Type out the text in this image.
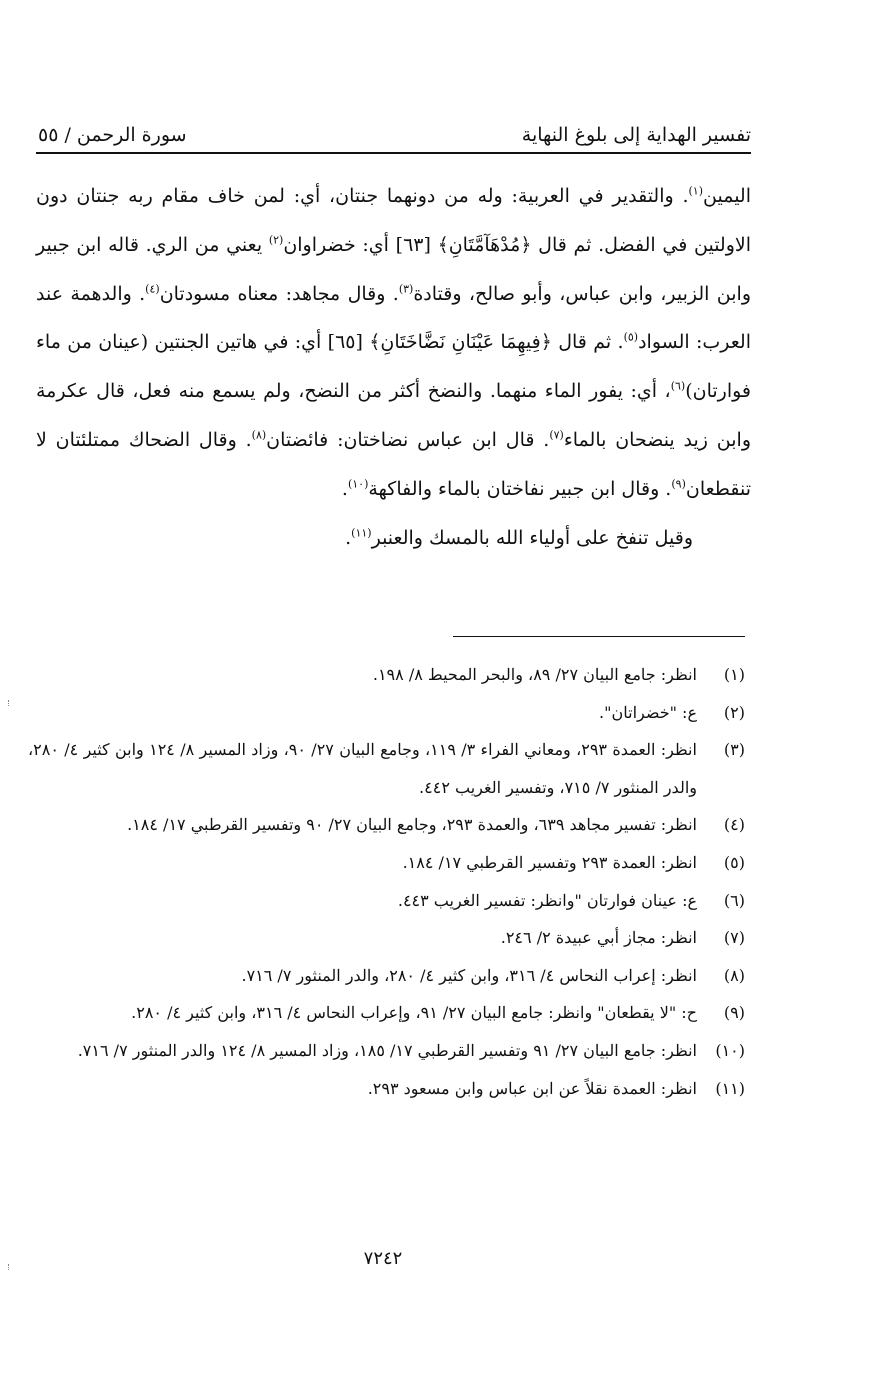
تفسير الهداية إلى بلوغ النهاية
سورة الرحمن / ٥٥

اليمين$^{(١)}$. والتقدير في العربية: وله من دونهما جنتان، أي: لمن خاف مقام ربه جنتان دون الاولتين في الفضل. ثم قال ﴿مُدْهَآمَّتَانِ﴾ [٦٣] أي: خضراوان$^{(٢)}$ يعني من الري. قاله ابن جبير وابن الزبير، وابن عباس، وأبو صالح، وقتادة$^{(٣)}$. وقال مجاهد: معناه مسودتان$^{(٤)}$. والدهمة عند العرب: السواد$^{(٥)}$. ثم قال ﴿فِيهِمَا عَيْنَانِ نَضَّاخَتَانِ﴾ [٦٥] أي: في هاتين الجنتين (عينان من ماء فوارتان)$^{(٦)}$، أي: يفور الماء منهما. والنضخ أكثر من النضح، ولم يسمع منه فعل، قال عكرمة وابن زيد ينضحان بالماء$^{(٧)}$. قال ابن عباس نضاختان: فائضتان$^{(٨)}$. وقال الضحاك ممتلئتان لا تنقطعان$^{(٩)}$. وقال ابن جبير نفاختان بالماء والفاكهة$^{(١٠)}$.

وقيل تنفخ على أولياء الله بالمسك والعنبر$^{(١١)}$.

(١)
انظر: جامع البيان ٢٧/ ٨٩، والبحر المحيط ٨/ ١٩٨.
(٢)
ع: "خضراتان".
(٣)
انظر: العمدة ٢٩٣، ومعاني الفراء ٣/ ١١٩، وجامع البيان ٢٧/ ٩٠، وزاد المسير ٨/ ١٢٤ وابن كثير ٤/ ٢٨٠، والدر المنثور ٧/ ٧١٥، وتفسير الغريب ٤٤٢.
(٤)
انظر: تفسير مجاهد ٦٣٩، والعمدة ٢٩٣، وجامع البيان ٢٧/ ٩٠ وتفسير القرطبي ١٧/ ١٨٤.
(٥)
انظر: العمدة ٢٩٣ وتفسير القرطبي ١٧/ ١٨٤.
(٦)
ع: عينان فوارتان "وانظر: تفسير الغريب ٤٤٣.
(٧)
انظر: مجاز أبي عبيدة ٢/ ٢٤٦.
(٨)
انظر: إعراب النحاس ٤/ ٣١٦، وابن كثير ٤/ ٢٨٠، والدر المنثور ٧/ ٧١٦.
(٩)
ح: "لا يقطعان" وانظر: جامع البيان ٢٧/ ٩١، وإعراب النحاس ٤/ ٣١٦، وابن كثير ٤/ ٢٨٠.
(١٠)
انظر: جامع البيان ٢٧/ ٩١ وتفسير القرطبي ١٧/ ١٨٥، وزاد المسير ٨/ ١٢٤ والدر المنثور ٧/ ٧١٦.
(١١)
انظر: العمدة نقلاً عن ابن عباس وابن مسعود ٢٩٣.
٧٢٤٢
